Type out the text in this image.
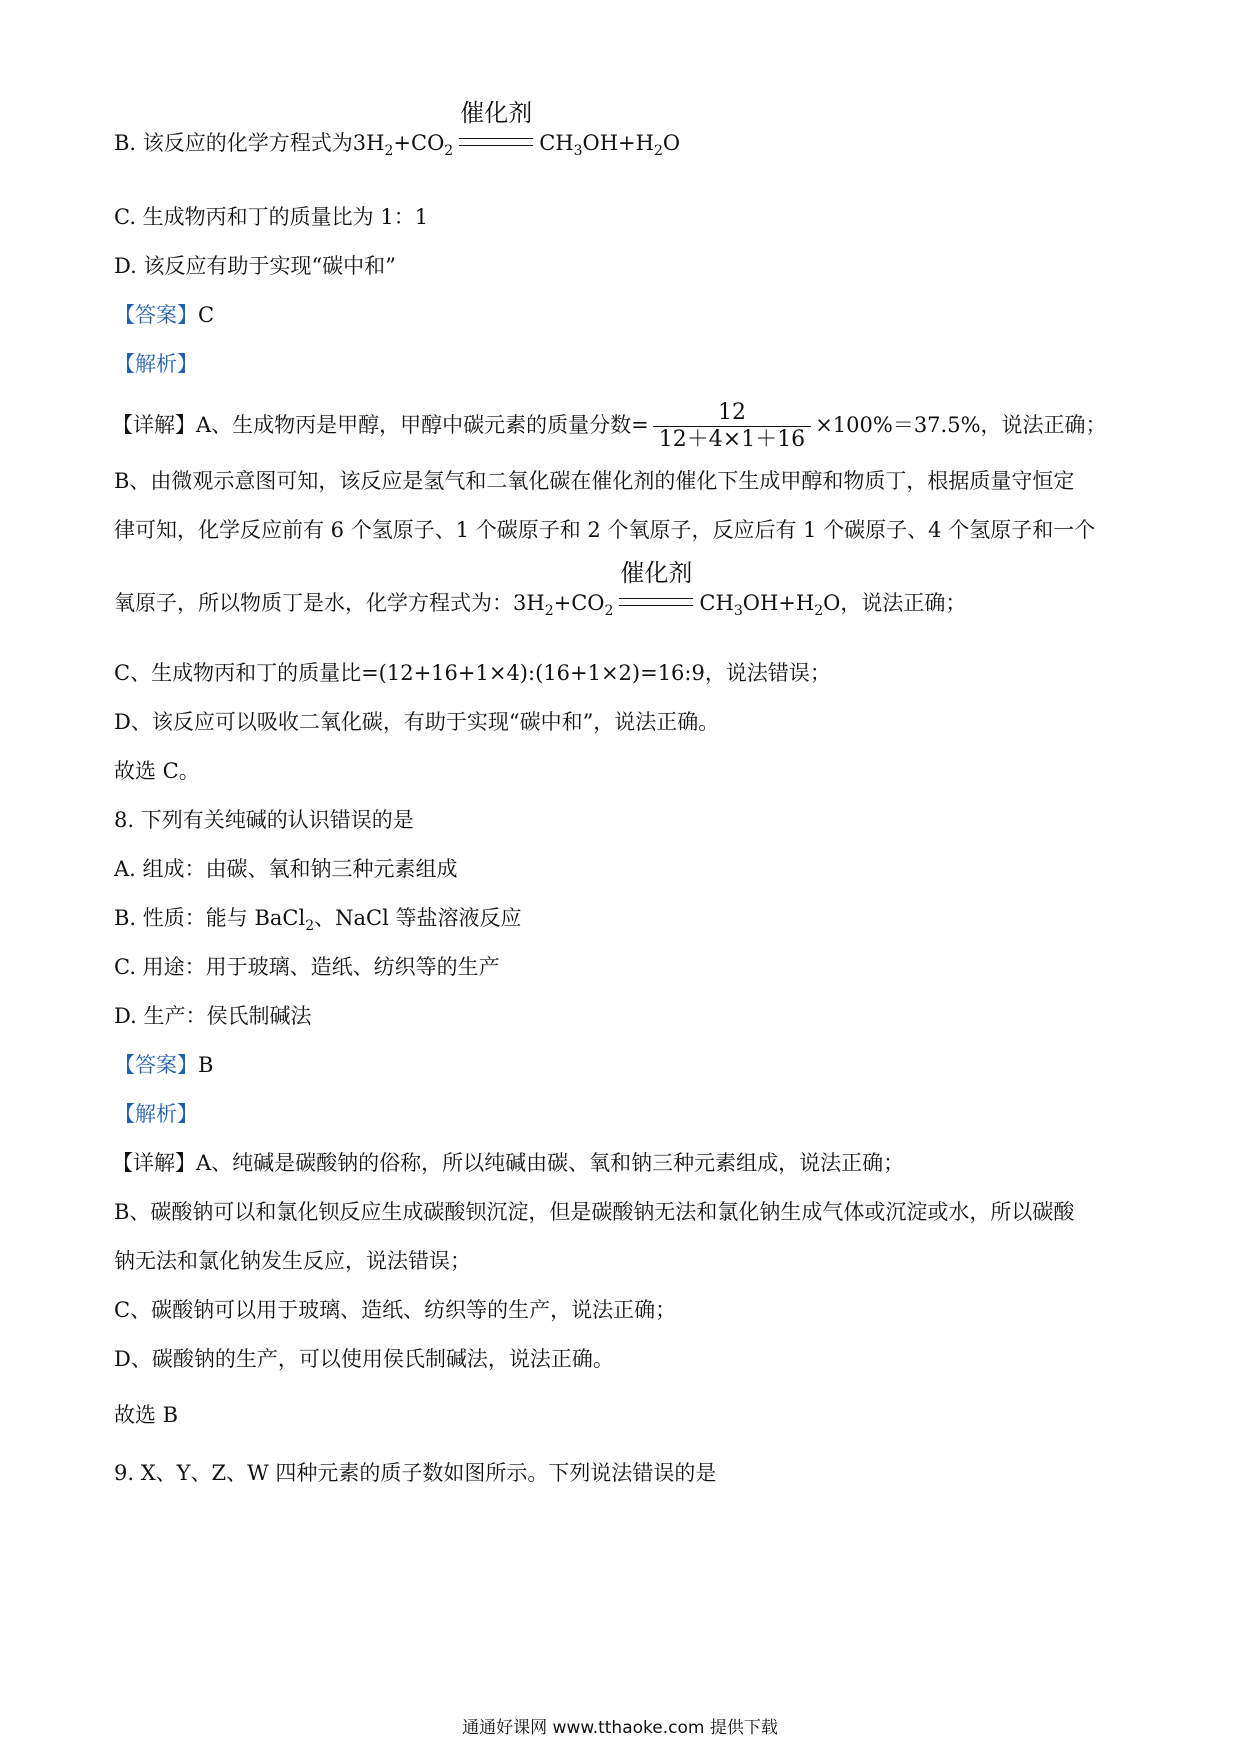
B. 该反应的化学方程式为$3H_2+CO_2$
催化剂
$CH_3OH+H_2O$
C. 生成物丙和丁的质量比为 1：1
D. 该反应有助于实现“碳中和”
【答案】C
【解析】
【详解】A、生成物丙是甲醇，甲醇中碳元素的质量分数= $\frac{12}{12+4\times 1+16} \times 100\%=37.5\%$，说法正确；
B、由微观示意图可知，该反应是氢气和二氧化碳在催化剂的催化下生成甲醇和物质丁，根据质量守恒定
律可知，化学反应前有 6 个氢原子、1 个碳原子和 2 个氧原子，反应后有 1 个碳原子、4 个氢原子和一个
氧原子，所以物质丁是水，化学方程式为：$3H_2+CO_2$
催化剂
$CH_3OH+H_2O$，说法正确；
C、生成物丙和丁的质量比=(12+16+1×4):(16+1×2)=16:9，说法错误；
D、该反应可以吸收二氧化碳，有助于实现“碳中和”，说法正确。
故选 C。
8. 下列有关纯碱的认识错误的是
A. 组成：由碳、氧和钠三种元素组成
B. 性质：能与 BaCl$_2$、NaCl 等盐溶液反应
C. 用途：用于玻璃、造纸、纺织等的生产
D. 生产：侯氏制碱法
【答案】B
【解析】
【详解】A、纯碱是碳酸钠的俗称，所以纯碱由碳、氧和钠三种元素组成，说法正确；
B、碳酸钠可以和氯化钡反应生成碳酸钡沉淀，但是碳酸钠无法和氯化钠生成气体或沉淀或水，所以碳酸
钠无法和氯化钠发生反应，说法错误；
C、碳酸钠可以用于玻璃、造纸、纺织等的生产，说法正确；
D、碳酸钠的生产，可以使用侯氏制碱法，说法正确。
故选 B
9. X、Y、Z、W 四种元素的质子数如图所示。下列说法错误的是
通通好课网 www.tthaoke.com 提供下载
